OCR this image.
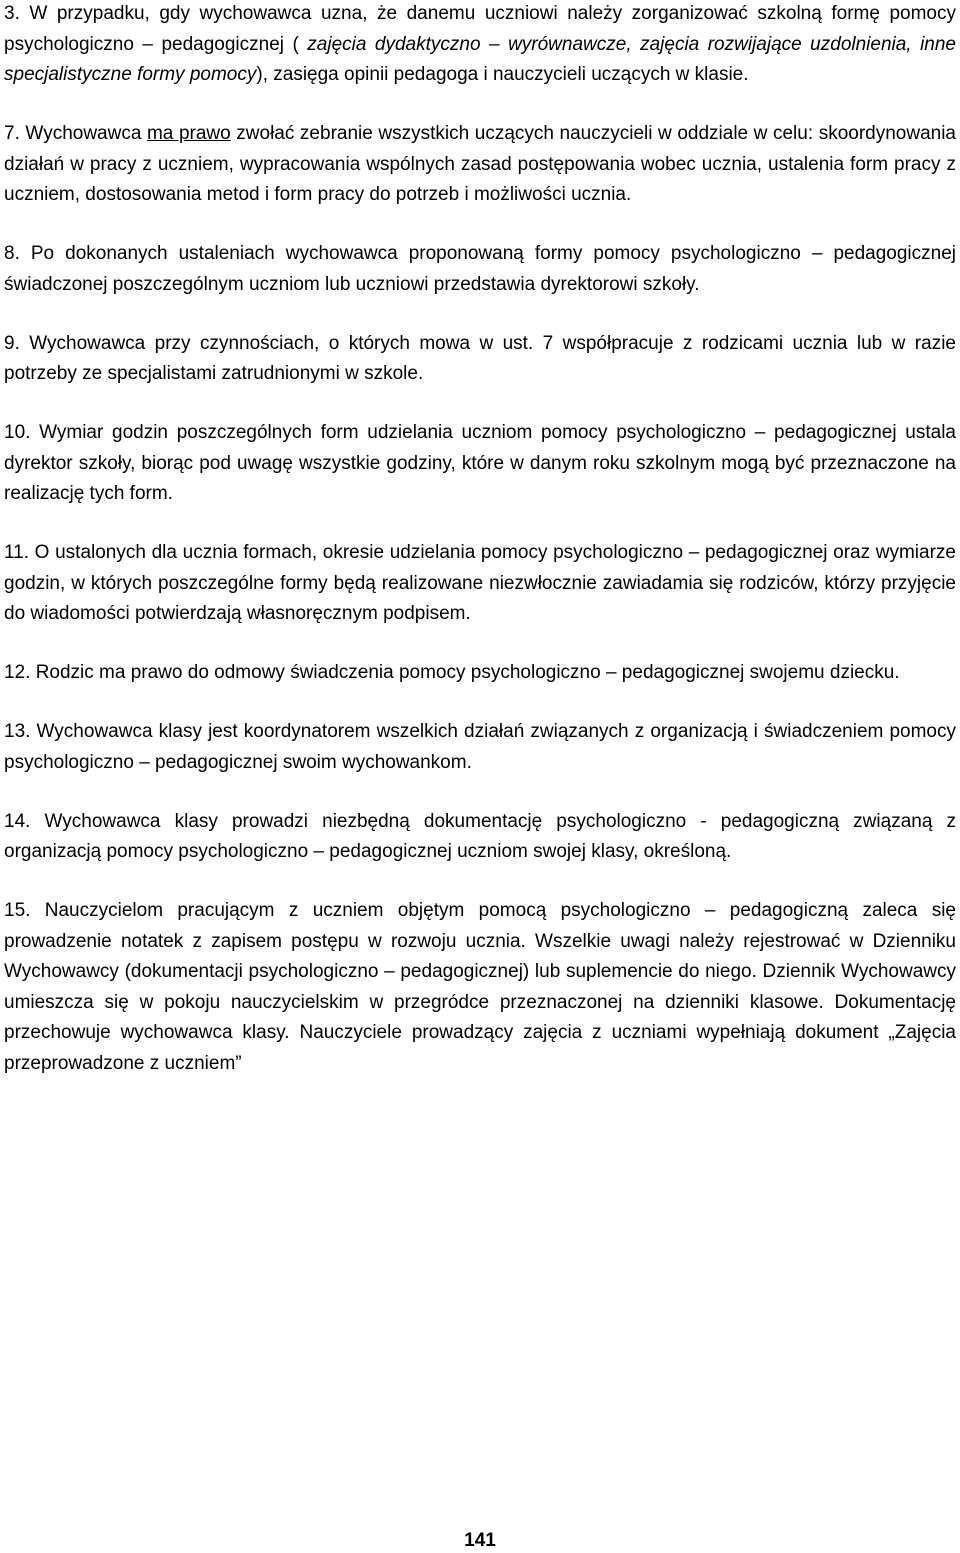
3. W przypadku, gdy wychowawca uzna, że danemu uczniowi należy zorganizować szkolną formę pomocy psychologiczno – pedagogicznej ( zajęcia dydaktyczno – wyrównawcze, zajęcia rozwijające uzdolnienia, inne specjalistyczne formy pomocy), zasięga opinii pedagoga i nauczycieli uczących w klasie.

7. Wychowawca ma prawo zwołać zebranie wszystkich uczących nauczycieli w oddziale w celu: skoordynowania działań w pracy z uczniem, wypracowania wspólnych zasad postępowania wobec ucznia, ustalenia form pracy z uczniem, dostosowania metod i form pracy do potrzeb i możliwości ucznia.

8. Po dokonanych ustaleniach wychowawca proponowaną formy pomocy psychologiczno – pedagogicznej świadczonej poszczególnym uczniom lub uczniowi przedstawia dyrektorowi szkoły.

9. Wychowawca przy czynnościach, o których mowa w ust. 7 współpracuje z rodzicami ucznia lub w razie potrzeby ze specjalistami zatrudnionymi w szkole.

10. Wymiar godzin poszczególnych form udzielania uczniom pomocy psychologiczno – pedagogicznej ustala dyrektor szkoły, biorąc pod uwagę wszystkie godziny, które w danym roku szkolnym mogą być przeznaczone na realizację tych form.

11. O ustalonych dla ucznia formach, okresie udzielania pomocy psychologiczno – pedagogicznej oraz wymiarze godzin, w których poszczególne formy będą realizowane niezwłocznie zawiadamia się rodziców, którzy przyjęcie do wiadomości potwierdzają własnoręcznym podpisem.

12. Rodzic ma prawo do odmowy świadczenia pomocy psychologiczno – pedagogicznej swojemu dziecku.

13. Wychowawca klasy jest koordynatorem wszelkich działań związanych z organizacją i świadczeniem pomocy psychologiczno – pedagogicznej swoim wychowankom.

14. Wychowawca klasy prowadzi niezbędną dokumentację psychologiczno - pedagogiczną związaną z organizacją pomocy psychologiczno – pedagogicznej uczniom swojej klasy, określoną.

15. Nauczycielom pracującym z uczniem objętym pomocą psychologiczno – pedagogiczną zaleca się prowadzenie notatek z zapisem postępu w rozwoju ucznia. Wszelkie uwagi należy rejestrować w Dzienniku Wychowawcy (dokumentacji psychologiczno – pedagogicznej) lub suplemencie do niego. Dziennik Wychowawcy umieszcza się w pokoju nauczycielskim w przegródce przeznaczonej na dzienniki klasowe. Dokumentację przechowuje wychowawca klasy. Nauczyciele prowadzący zajęcia z uczniami wypełniają dokument „Zajęcia przeprowadzone z uczniem”

141
